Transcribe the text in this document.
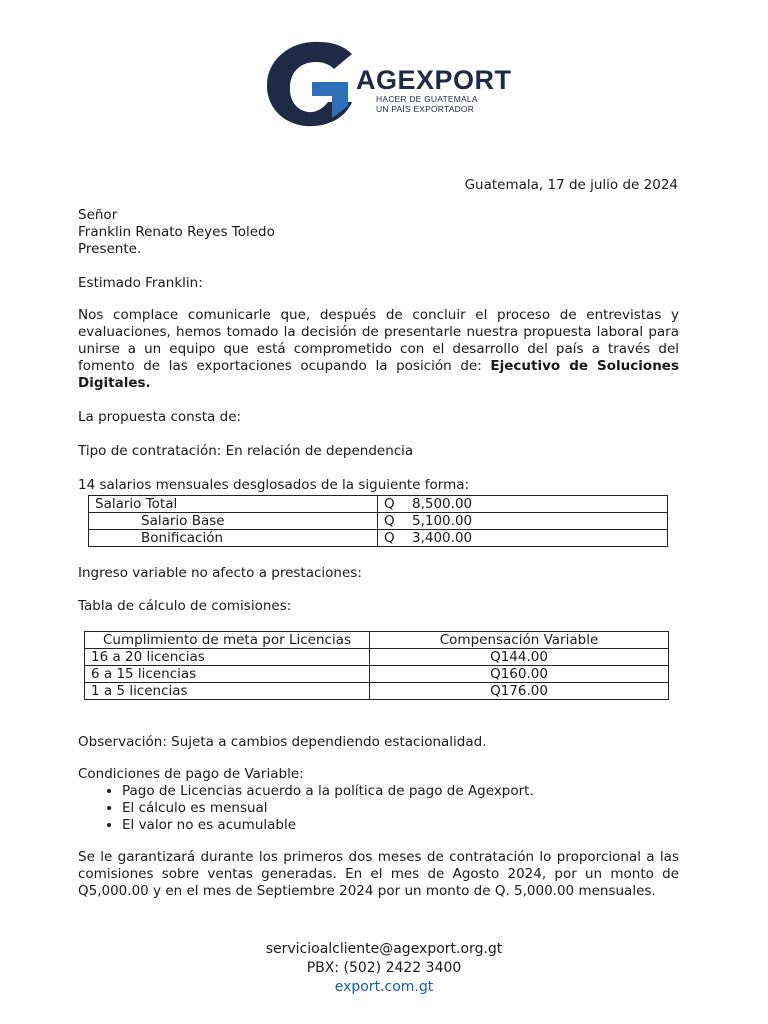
AGEXPORT
HACER DE GUATEMALA
UN PAÍS EXPORTADOR
Guatemala, 17 de julio de 2024
Señor
Franklin Renato Reyes Toledo
Presente.
Estimado Franklin:
Nos complace comunicarle que, después de concluir el proceso de entrevistas y evaluaciones, hemos tomado la decisión de presentarle nuestra propuesta laboral para unirse a un equipo que está comprometido con el desarrollo del país a través del fomento de las exportaciones ocupando la posición de: Ejecutivo de Soluciones Digitales.
La propuesta consta de:
Tipo de contratación: En relación de dependencia
14 salarios mensuales desglosados de la siguiente forma:
Salario Total	Q	8,500.00
Salario Base	Q	5,100.00
Bonificación	Q	3,400.00
Ingreso variable no afecto a prestaciones:
Tabla de cálculo de comisiones:
Cumplimiento de meta por Licencias	Compensación Variable
16 a 20 licencias	Q144.00
6 a 15 licencias	Q160.00
1 a 5 licencias	Q176.00
Observación: Sujeta a cambios dependiendo estacionalidad.
Condiciones de pago de Variable:
• Pago de Licencias acuerdo a la política de pago de Agexport.
• El cálculo es mensual
• El valor no es acumulable
Se le garantizará durante los primeros dos meses de contratación lo proporcional a las comisiones sobre ventas generadas. En el mes de Agosto 2024, por un monto de Q5,000.00 y en el mes de Septiembre 2024 por un monto de Q. 5,000.00 mensuales.
servicioalcliente@agexport.org.gt
PBX: (502) 2422 3400
export.com.gt
